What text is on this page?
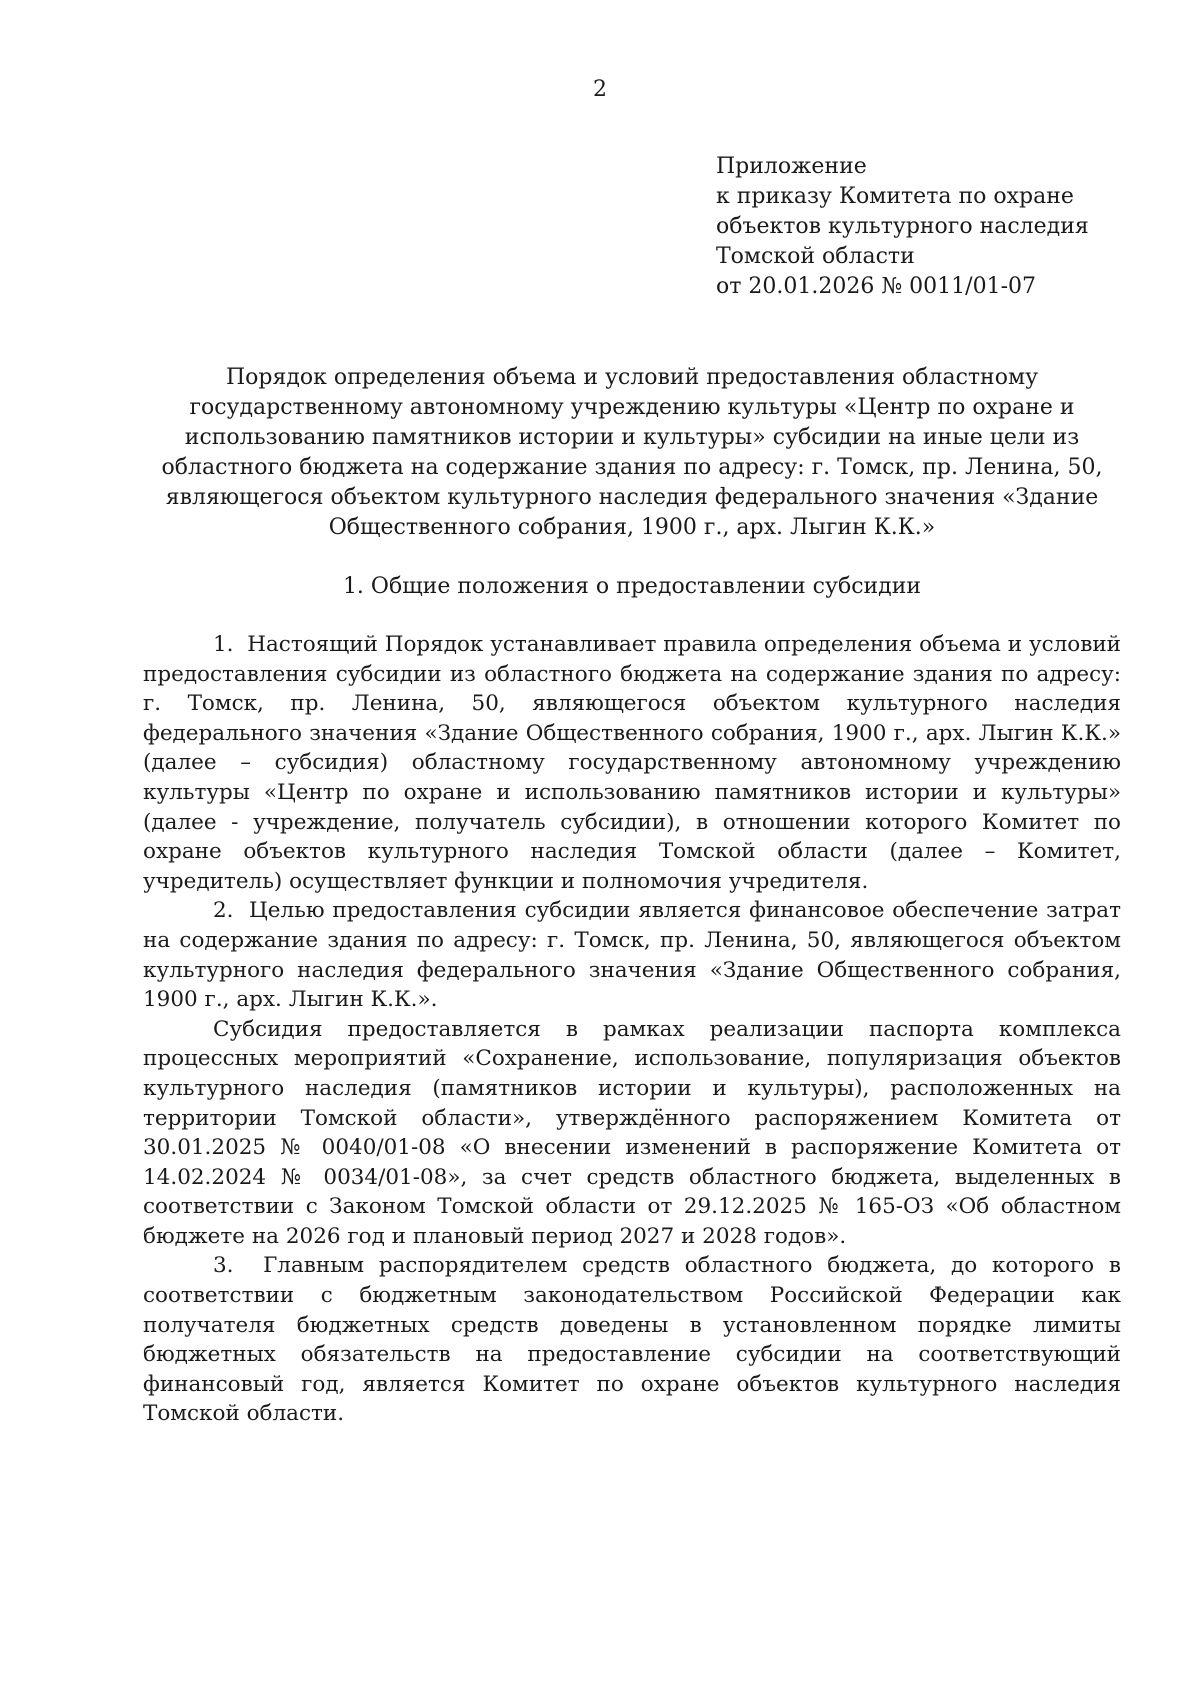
2
Приложение
к приказу Комитета по охране
объектов культурного наследия
Томской области
от 20.01.2026 № 0011/01-07
Порядок определения объема и условий предоставления областному государственному автономному учреждению культуры «Центр по охране и использованию памятников истории и культуры» субсидии на иные цели из областного бюджета на содержание здания по адресу: г. Томск, пр. Ленина, 50, являющегося объектом культурного наследия федерального значения «Здание Общественного собрания, 1900 г., арх. Лыгин К.К.»
1. Общие положения о предоставлении субсидии

1.  Настоящий Порядок устанавливает правила определения объема и условий предоставления субсидии из областного бюджета на содержание здания по адресу: г. Томск, пр. Ленина, 50, являющегося объектом культурного наследия федерального значения «Здание Общественного собрания, 1900 г., арх. Лыгин К.К.» (далее – субсидия) областному государственному автономному учреждению культуры «Центр по охране и использованию памятников истории и культуры» (далее - учреждение, получатель субсидии), в отношении которого Комитет по охране объектов культурного наследия Томской области (далее – Комитет, учредитель) осуществляет функции и полномочия учредителя.

2.  Целью предоставления субсидии является финансовое обеспечение затрат на содержание здания по адресу: г. Томск, пр. Ленина, 50, являющегося объектом культурного наследия федерального значения «Здание Общественного собрания, 1900 г., арх. Лыгин К.К.».

Субсидия предоставляется в рамках реализации паспорта комплекса процессных мероприятий «Сохранение, использование, популяризация объектов культурного наследия (памятников истории и культуры), расположенных на территории Томской области», утверждённого распоряжением Комитета от 30.01.2025 № 0040/01-08 «О внесении изменений в распоряжение Комитета от 14.02.2024 № 0034/01-08», за счет средств областного бюджета, выделенных в соответствии с Законом Томской области от 29.12.2025 № 165-ОЗ «Об областном бюджете на 2026 год и плановый период 2027 и 2028 годов».

3.  Главным распорядителем средств областного бюджета, до которого в соответствии с бюджетным законодательством Российской Федерации как получателя бюджетных средств доведены в установленном порядке лимиты бюджетных обязательств на предоставление субсидии на соответствующий финансовый год, является Комитет по охране объектов культурного наследия Томской области.
